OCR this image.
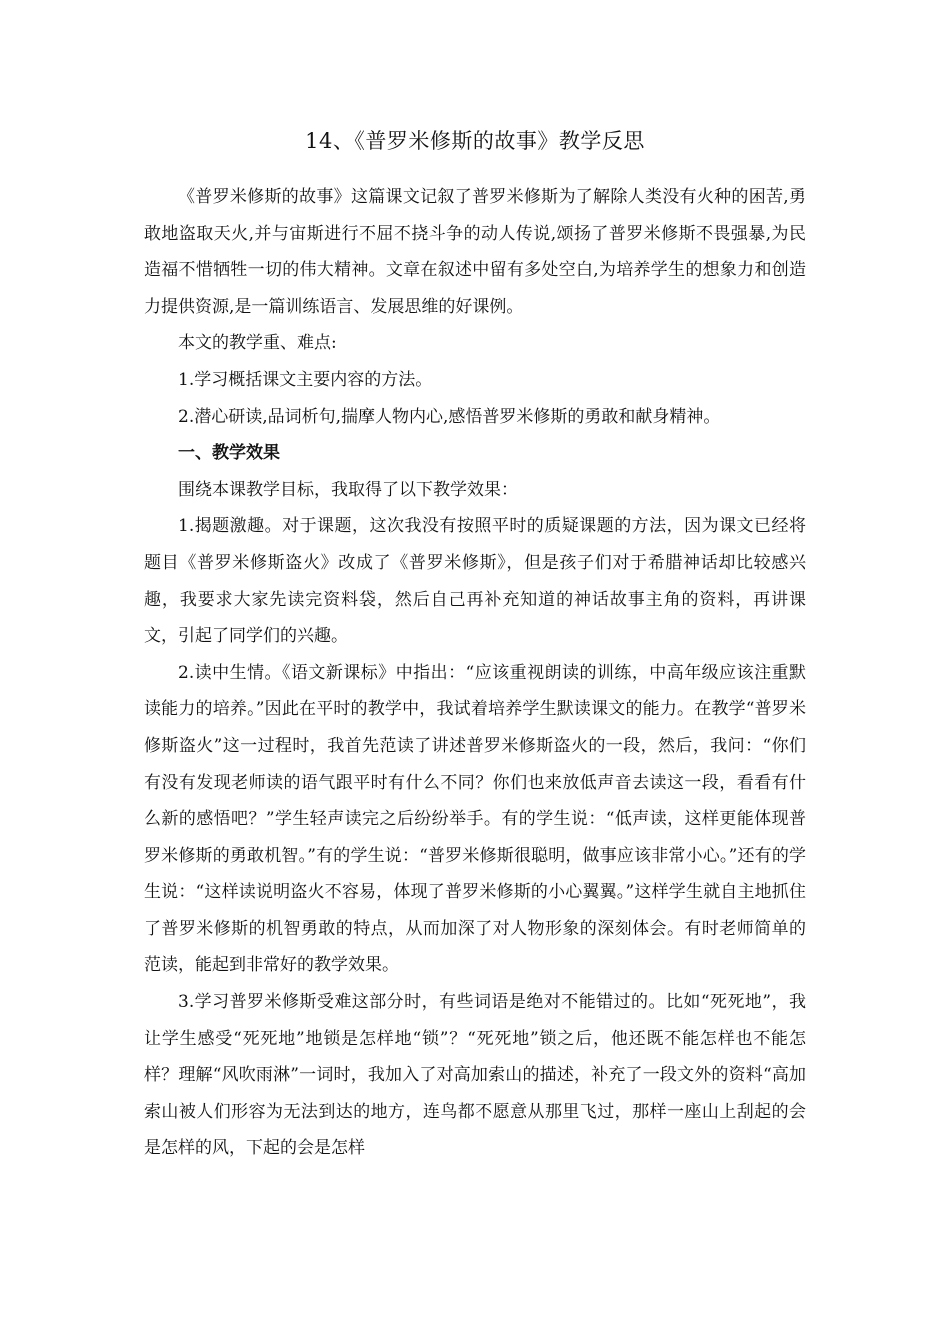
14、《普罗米修斯的故事》教学反思

《普罗米修斯的故事》这篇课文记叙了普罗米修斯为了解除人类没有火种的困苦,勇敢地盗取天火,并与宙斯进行不屈不挠斗争的动人传说,颂扬了普罗米修斯不畏强暴,为民造福不惜牺牲一切的伟大精神。文章在叙述中留有多处空白,为培养学生的想象力和创造力提供资源,是一篇训练语言、发展思维的好课例。

本文的教学重、难点:

1.学习概括课文主要内容的方法。

2.潜心研读,品词析句,揣摩人物内心,感悟普罗米修斯的勇敢和献身精神。

一、教学效果

围绕本课教学目标，我取得了以下教学效果：

1.揭题激趣。对于课题，这次我没有按照平时的质疑课题的方法，因为课文已经将题目《普罗米修斯盗火》改成了《普罗米修斯》，但是孩子们对于希腊神话却比较感兴趣，我要求大家先读完资料袋，然后自己再补充知道的神话故事主角的资料，再讲课文，引起了同学们的兴趣。

2.读中生情。《语文新课标》中指出：“应该重视朗读的训练，中高年级应该注重默读能力的培养。”因此在平时的教学中，我试着培养学生默读课文的能力。在教学“普罗米修斯盗火”这一过程时，我首先范读了讲述普罗米修斯盗火的一段，然后，我问：“你们有没有发现老师读的语气跟平时有什么不同？你们也来放低声音去读这一段，看看有什么新的感悟吧？”学生轻声读完之后纷纷举手。有的学生说：“低声读，这样更能体现普罗米修斯的勇敢机智。”有的学生说：“普罗米修斯很聪明，做事应该非常小心。”还有的学生说：“这样读说明盗火不容易，体现了普罗米修斯的小心翼翼。”这样学生就自主地抓住了普罗米修斯的机智勇敢的特点，从而加深了对人物形象的深刻体会。有时老师简单的范读，能起到非常好的教学效果。

3.学习普罗米修斯受难这部分时，有些词语是绝对不能错过的。比如“死死地”，我让学生感受“死死地”地锁是怎样地“锁”？“死死地”锁之后，他还既不能怎样也不能怎样？理解“风吹雨淋”一词时，我加入了对高加索山的描述，补充了一段文外的资料“高加索山被人们形容为无法到达的地方，连鸟都不愿意从那里飞过，那样一座山上刮起的会是怎样的风，下起的会是怎样
